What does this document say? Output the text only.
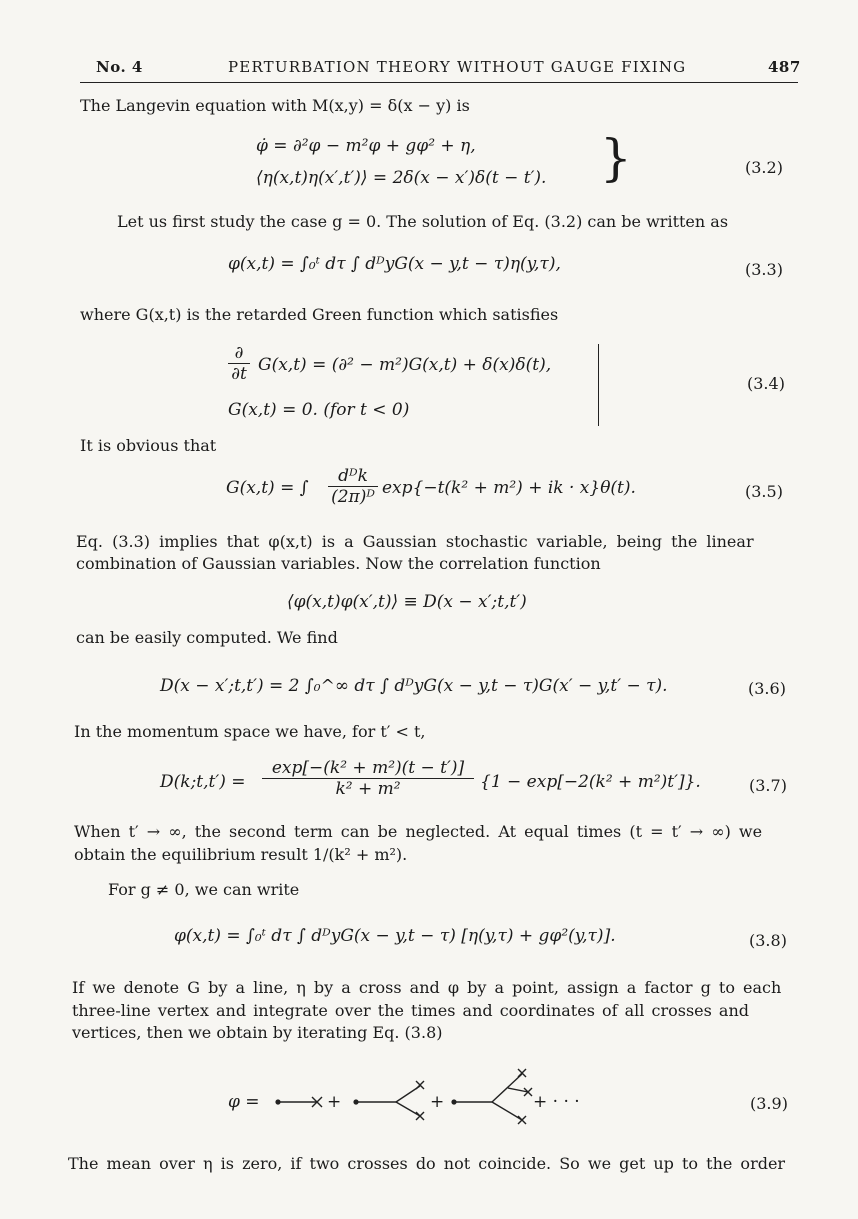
No. 4	PERTURBATION THEORY WITHOUT GAUGE FIXING	487
The Langevin equation with M(x,y) = δ(x − y) is
φ̇ = ∂²φ − m²φ + gφ² + η,
⟨η(x,t)η(x′,t′)⟩ = 2δ(x − x′)δ(t − t′). }	(3.2)
Let us first study the case g = 0. The solution of Eq. (3.2) can be written as
φ(x,t) = ∫₀ᵗ dτ ∫ dᴰyG(x − y,t − τ)η(y,τ),	(3.3)
where G(x,t) is the retarded Green function which satisfies
∂
∂t G(x,t) = (∂² − m²)G(x,t) + δ(x)δ(t),
G(x,t) = 0. (for t < 0)
(3.4)
It is obvious that
G(x,t) = ∫
dᴰk
(2π)ᴰ exp{−t(k² + m²) + ik · x}θ(t).	(3.5)
Eq. (3.3) implies that φ(x,t) is a Gaussian stochastic variable, being the linear
combination of Gaussian variables. Now the correlation function
⟨φ(x,t)φ(x′,t)⟩ ≡ D(x − x′;t,t′)
can be easily computed. We find
D(x − x′;t,t′) = 2 ∫₀^∞ dτ ∫ dᴰyG(x − y,t − τ)G(x′ − y,t′ − τ).	(3.6)
In the momentum space we have, for t′ < t,
D(k;t,t′) = $\frac{\text{exp[−(k² + m²)(t − t′)]}}{\text{k² + m²}} \{1 - \exp[-2(k^2 + m^2)t']\}$.	(3.7)
When t′ → ∞, the second term can be neglected. At equal times (t = t′ → ∞) we
obtain the equilibrium result 1/(k² + m²).
For g ≠ 0, we can write
φ(x,t) = ∫₀ᵗ dτ ∫ dᴰyG(x − y,t − τ) [η(y,τ) + gφ²(y,τ)].	(3.8)
If we denote G by a line, η by a cross and φ by a point, assign a factor g to each
three-line vertex and integrate over the times and coordinates of all crosses and
vertices, then we obtain by iterating Eq. (3.8)
φ =	+	+	+ · · ·	(3.9)
The mean over η is zero, if two crosses do not coincide. So we get up to the order
